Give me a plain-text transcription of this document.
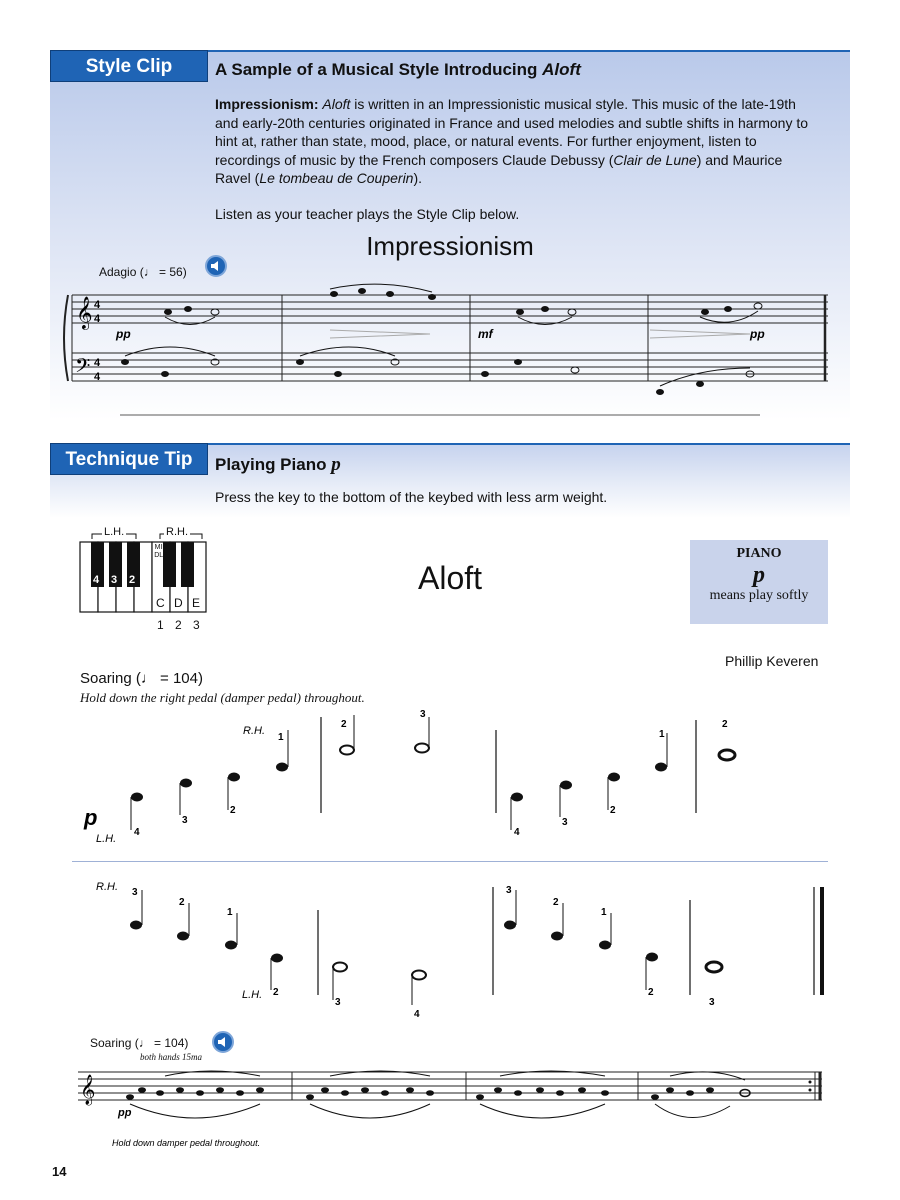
Style Clip	A Sample of a Musical Style Introducing Aloft
Impressionism: Aloft is written in an Impressionistic musical style. This music of the late-19th and early-20th centuries originated in France and used melodies and subtle shifts in harmony to hint at, rather than state, mood, place, or natural events. For further enjoyment, listen to recordings of music by the French composers Claude Debussy (Clair de Lune) and Maurice Ravel (Le tombeau de Couperin).
Listen as your teacher plays the Style Clip below.
Impressionism
Adagio (♩ = 56)
𝄞
𝄢
4
4
4
4
pp	mf	pp
Technique Tip	Playing Piano p
Press the key to the bottom of the keybed with less arm weight.
L.H.	R.H.
4 3 2
MIDDLE
C D E
1 2 3
Aloft
PIANO
p
means play softly
Phillip Keveren
Soaring (♩ = 104)
Hold down the right pedal (damper pedal) throughout.
4
3
2
1
2
3
4
3
2
1
2
R.H.
p
L.H.
3
2
1
2
3
4
3
2
1
2
3
R.H.
L.H.
Soaring (♩ = 104)
both hands 15ma
𝄞
pp
Hold down damper pedal throughout.
14
